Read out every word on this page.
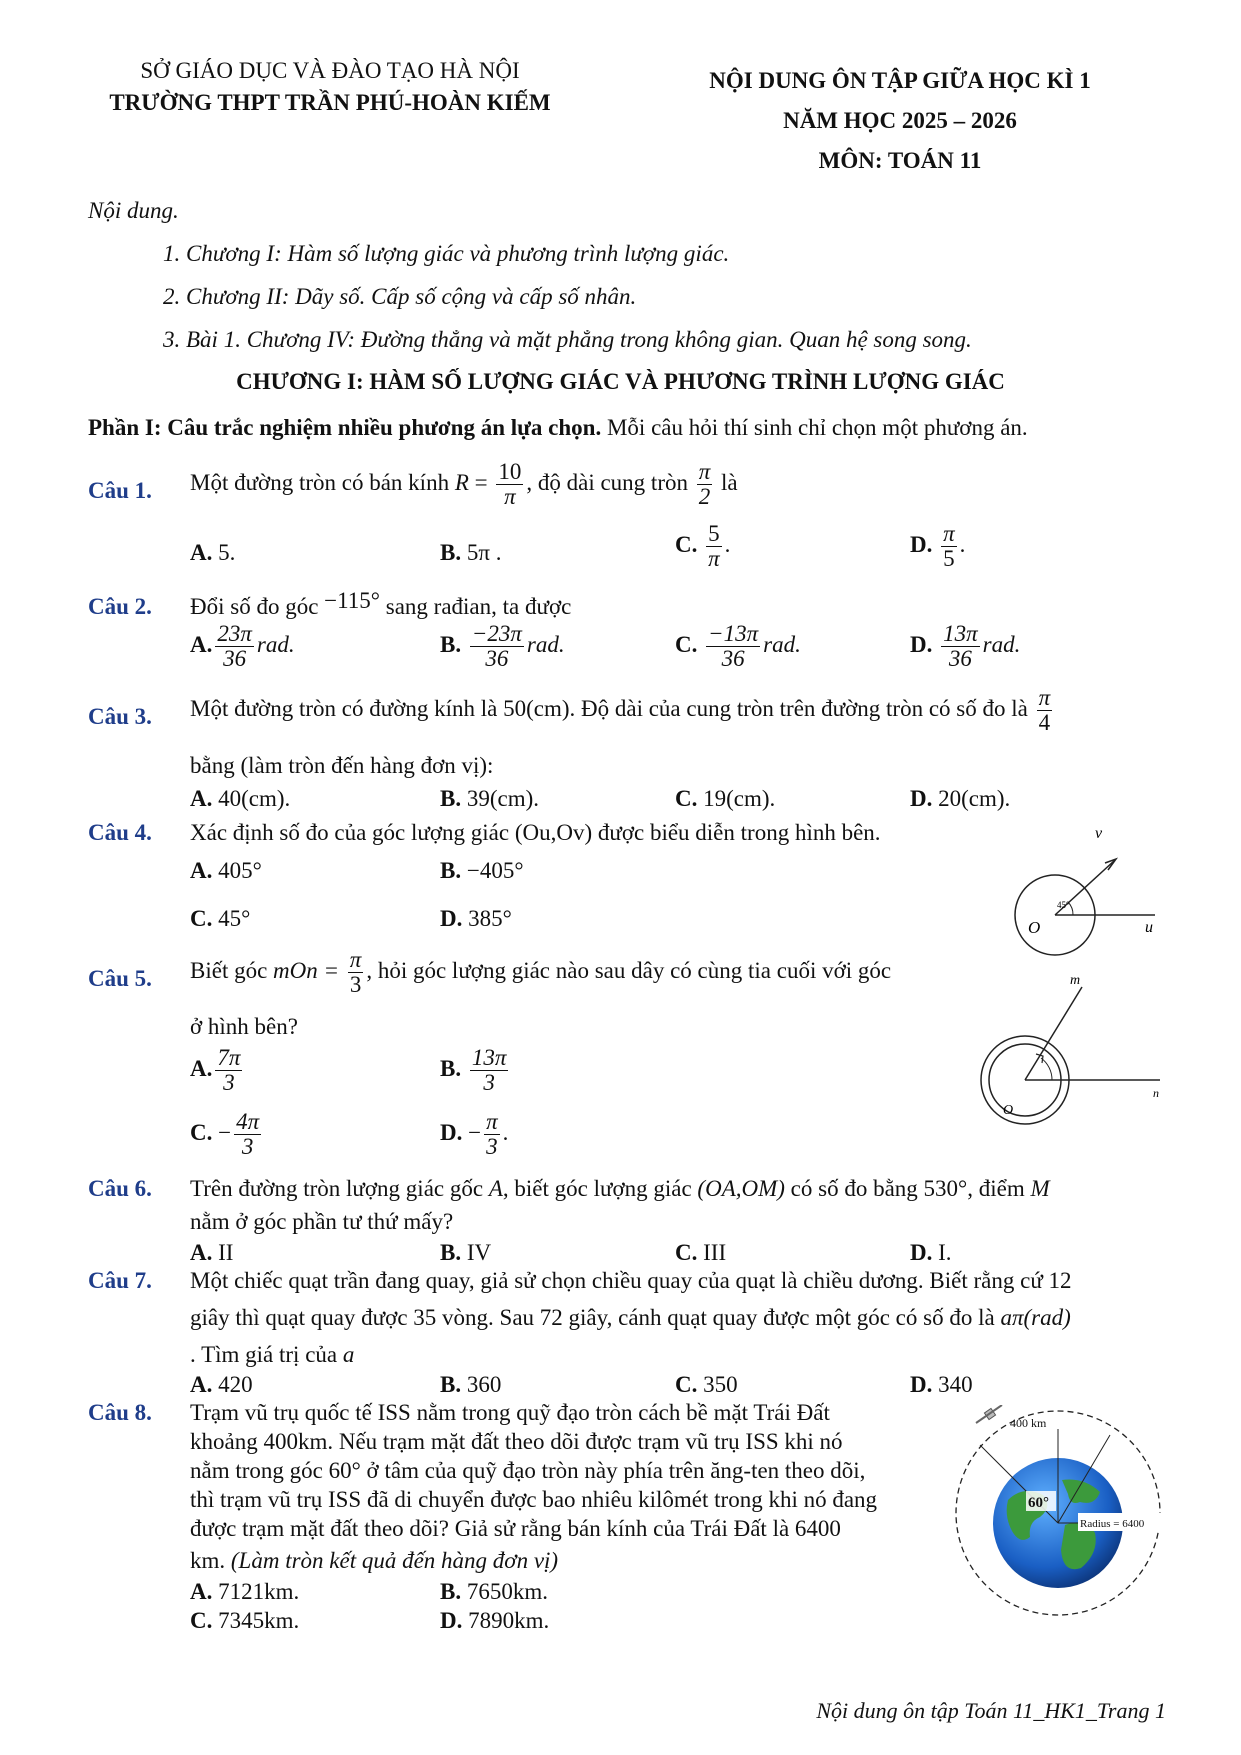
SỞ GIÁO DỤC VÀ ĐÀO TẠO HÀ NỘI
TRƯỜNG THPT TRẦN PHÚ-HOÀN KIẾM
NỘI DUNG ÔN TẬP GIỮA HỌC KÌ 1
NĂM HỌC 2025 – 2026
MÔN: TOÁN 11
Nội dung.
1. Chương I: Hàm số lượng giác và phương trình lượng giác.
2. Chương II: Dãy số. Cấp số cộng và cấp số nhân.
3. Bài 1. Chương IV: Đường thẳng và mặt phẳng trong không gian. Quan hệ song song.
CHƯƠNG I: HÀM SỐ LƯỢNG GIÁC VÀ PHƯƠNG TRÌNH LƯỢNG GIÁC
Phần I: Câu trắc nghiệm nhiều phương án lựa chọn. Mỗi câu hỏi thí sinh chỉ chọn một phương án.
Câu 1. Một đường tròn có bán kính $R = \frac{10}{\pi}$ , độ dài cung tròn $\frac{\pi}{2}$ là
A. 5.	B. 5π .	C. $\frac{5}{\pi}$ .	D. $\frac{\pi}{5}$ .
Câu 2. Đổi số đo góc −115° sang rađian, ta được
A. $\frac{23\pi}{36}$ rad.	B. $\frac{-23\pi}{36}$ rad.	C. $\frac{-13\pi}{36}$ rad.	D. $\frac{13\pi}{36}$ rad.
Câu 3. Một đường tròn có đường kính là 50(cm). Độ dài của cung tròn trên đường tròn có số đo là $\frac{\pi}{4}$
bằng (làm tròn đến hàng đơn vị):
A. 40(cm).	B. 39(cm).	C. 19(cm).	D. 20(cm).
Câu 4. Xác định số đo của góc lượng giác (Ou,Ov) được biểu diễn trong hình bên.
A. 405°	B. −405°
C. 45°	D. 385°
v
u
O
45°
Câu 5. Biết góc mOn = $\frac{\pi}{3}$ , hỏi góc lượng giác nào sau dây có cùng tia cuối với góc
ở hình bên?
A. $\frac{7\pi}{3}$	B. $\frac{13\pi}{3}$
C. − $\frac{4\pi}{3}$	D. − $\frac{\pi}{3}$ .
m
n
O
Câu 6. Trên đường tròn lượng giác gốc A, biết góc lượng giác (OA,OM) có số đo bằng 530°, điểm M
nằm ở góc phần tư thứ mấy?
A. II	B. IV	C. III	D. I.
Câu 7. Một chiếc quạt trần đang quay, giả sử chọn chiều quay của quạt là chiều dương. Biết rằng cứ 12
giây thì quạt quay được 35 vòng. Sau 72 giây, cánh quạt quay được một góc có số đo là aπ(rad)
. Tìm giá trị của a
A. 420	B. 360	C. 350	D. 340
Câu 8. Trạm vũ trụ quốc tế ISS nằm trong quỹ đạo tròn cách bề mặt Trái Đất
khoảng 400km. Nếu trạm mặt đất theo dõi được trạm vũ trụ ISS khi nó
nằm trong góc 60° ở tâm của quỹ đạo tròn này phía trên ăng-ten theo dõi,
thì trạm vũ trụ ISS đã di chuyển được bao nhiêu kilômét trong khi nó đang
được trạm mặt đất theo dõi? Giả sử rằng bán kính của Trái Đất là 6400
km. (Làm tròn kết quả đến hàng đơn vị)
A. 7121km.	B. 7650km.
C. 7345km.	D. 7890km.
400 km
60°
Radius = 6400
Nội dung ôn tập Toán 11_HK1_Trang 1
